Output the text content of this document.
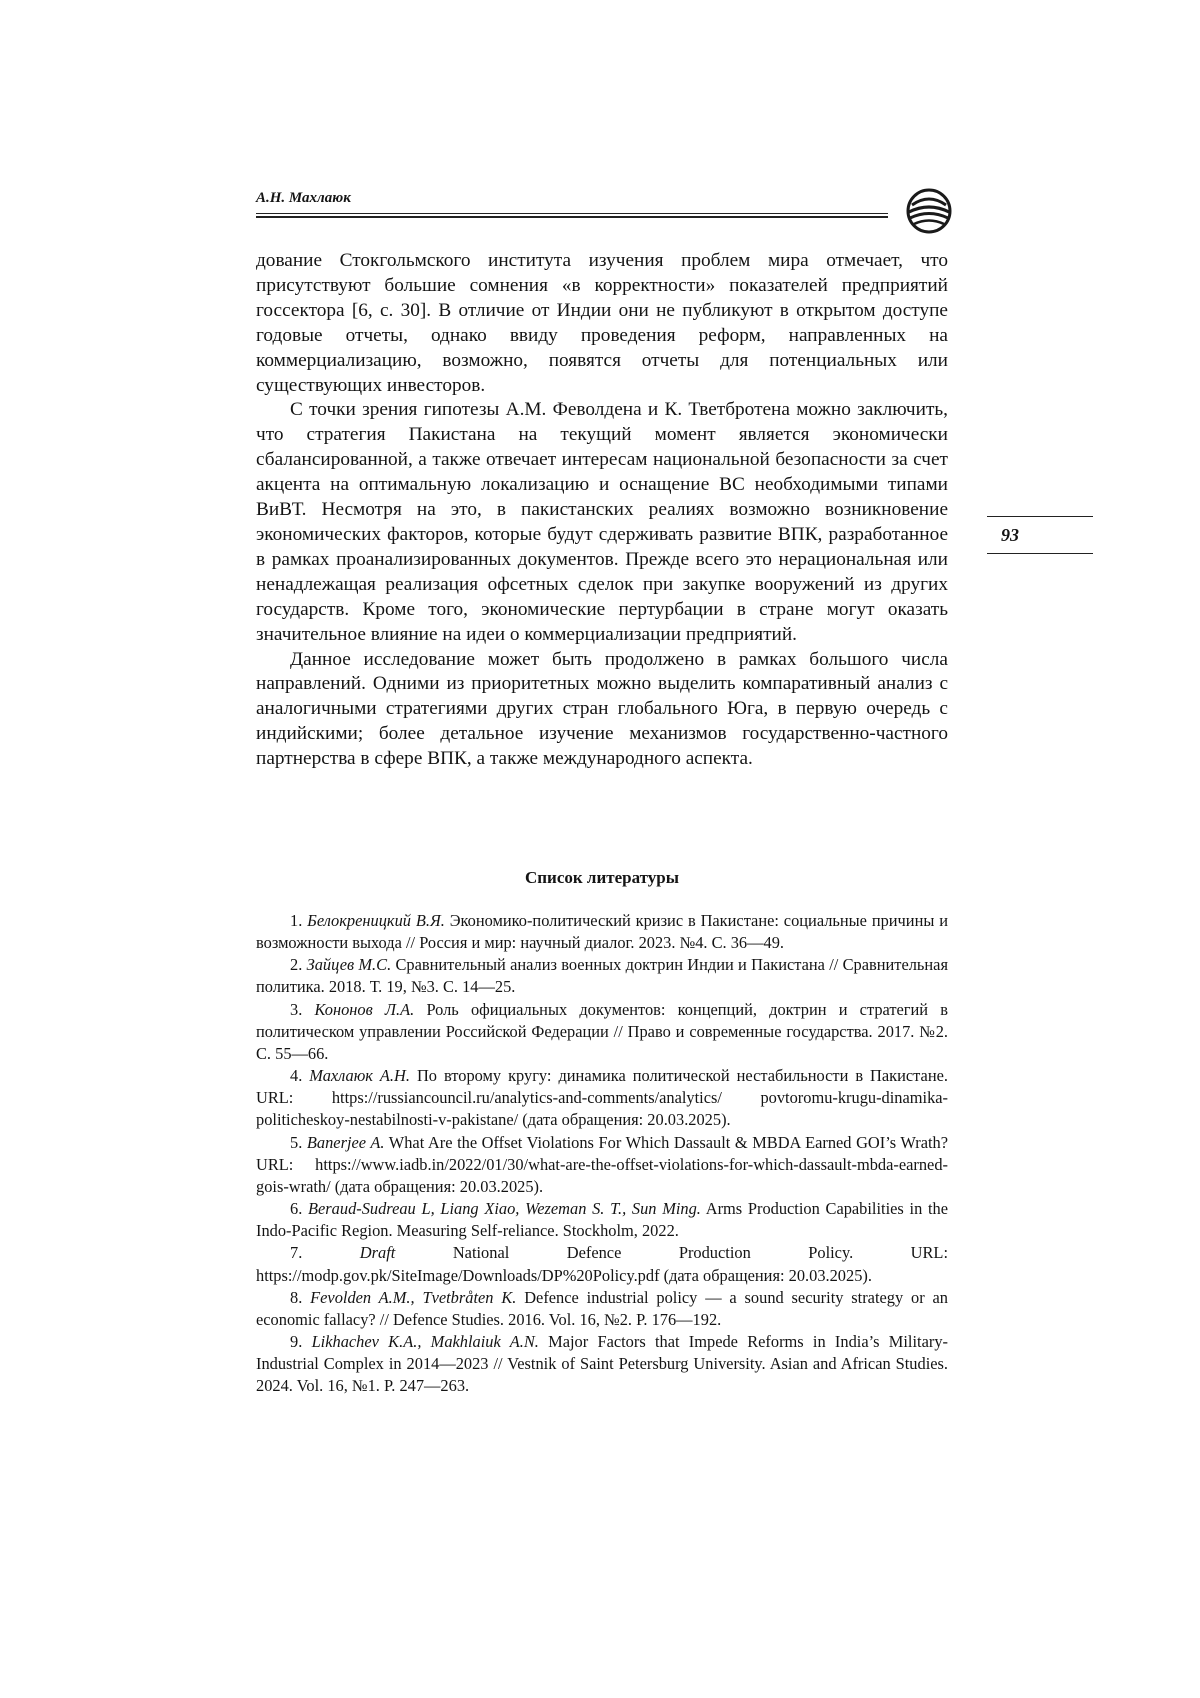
А.Н. Махлаюк
93

дование Стокгольмского института изучения проблем мира отмечает, что присутствуют большие сомнения «в корректности» показателей предприятий госсектора [6, с. 30]. В отличие от Индии они не публикуют в открытом доступе годовые отчеты, однако ввиду проведения реформ, направленных на коммерциализацию, возможно, появятся отчеты для потенциальных или существующих инвесторов.

С точки зрения гипотезы А.М. Феволдена и К. Тветбротена можно заключить, что стратегия Пакистана на текущий момент является экономически сбалансированной, а также отвечает интересам национальной безопасности за счет акцента на оптимальную локализацию и оснащение ВС необходимыми типами ВиВТ. Несмотря на это, в пакистанских реалиях возможно возникновение экономических факторов, которые будут сдерживать развитие ВПК, разработанное в рамках проанализированных документов. Прежде всего это нерациональная или ненадлежащая реализация офсетных сделок при закупке вооружений из других государств. Кроме того, экономические пертурбации в стране могут оказать значительное влияние на идеи о коммерциализации предприятий.

Данное исследование может быть продолжено в рамках большого числа направлений. Одними из приоритетных можно выделить компаративный анализ с аналогичными стратегиями других стран глобального Юга, в первую очередь с индийскими; более детальное изучение механизмов государственно-частного партнерства в сфере ВПК, а также международного аспекта.

Список литературы

1. Белокреницкий В.Я. Экономико-политический кризис в Пакистане: социальные причины и возможности выхода // Россия и мир: научный диалог. 2023. №4. С. 36—49.

2. Зайцев М.С. Сравнительный анализ военных доктрин Индии и Пакистана // Сравнительная политика. 2018. Т. 19, №3. С. 14—25.

3. Кононов Л.А. Роль официальных документов: концепций, доктрин и стратегий в политическом управлении Российской Федерации // Право и современные государства. 2017. №2. С. 55—66.

4. Махлаюк А.Н. По второму кругу: динамика политической нестабильности в Пакистане. URL: https://russiancouncil.ru/analytics-and-comments/analytics/ povtoromu-krugu-dinamika-politicheskoy-nestabilnosti-v-pakistane/ (дата обращения: 20.03.2025).

5. Banerjee A. What Are the Offset Violations For Which Dassault & MBDA Earned GOI’s Wrath? URL: https://www.iadb.in/2022/01/30/what-are-the-offset-violations-for-which-dassault-mbda-earned-gois-wrath/ (дата обращения: 20.03.2025).

6. Beraud-Sudreau L, Liang Xiao, Wezeman S. T., Sun Ming. Arms Production Capabilities in the Indo-Pacific Region. Measuring Self-reliance. Stockholm, 2022.

7.	Draft	National Defence Production Policy. URL: https://modp.gov.pk/SiteImage/Downloads/DP%20Policy.pdf (дата обращения: 20.03.2025).

8. Fevolden A.M., Tvetbråten K. Defence industrial policy — a sound security strategy or an economic fallacy? // Defence Studies. 2016. Vol. 16, №2. P. 176—192.

9. Likhachev K.A., Makhlaiuk A.N. Major Factors that Impede Reforms in India’s Military-Industrial Complex in 2014—2023 // Vestnik of Saint Petersburg University. Asian and African Studies. 2024. Vol. 16, №1. P. 247—263.
